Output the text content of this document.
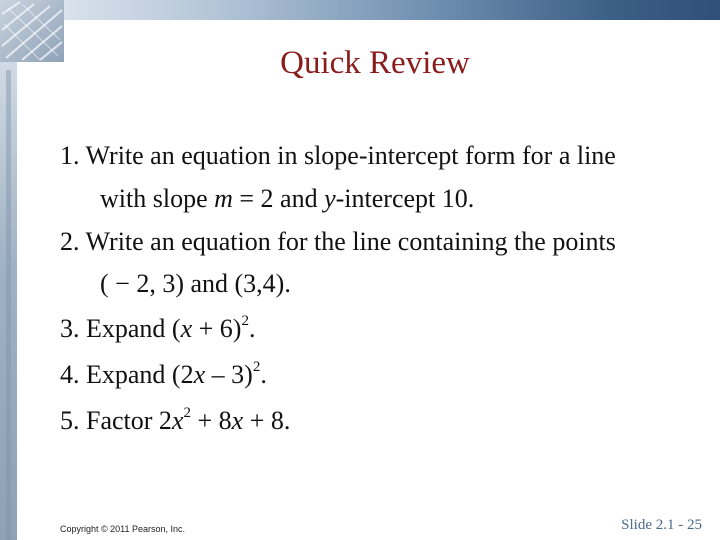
Quick Review
1. Write an equation in slope-intercept form for a line
with slope m = 2 and y-intercept 10.
2. Write an equation for the line containing the points
( − 2, 3) and (3,4).
3. Expand $(x + 6)^2$.
4. Expand (2x – 3)$^2$.
5. Factor $2x^2 + 8x + 8$.
Copyright © 2011 Pearson, Inc.	Slide 2.1 - 25
